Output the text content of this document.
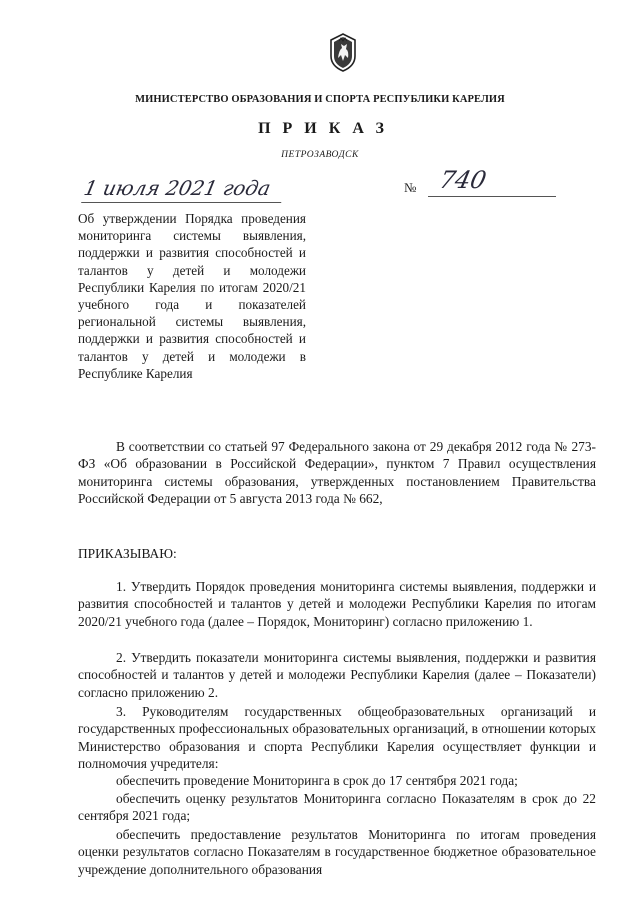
МИНИСТЕРСТВО ОБРАЗОВАНИЯ И СПОРТА РЕСПУБЛИКИ КАРЕЛИЯ
ПРИКАЗ
ПЕТРОЗАВОДСК
1 июля 2021 года	№ 740
Об утверждении Порядка проведения мониторинга системы выявления, поддержки и развития способностей и талантов у детей и молодежи Республики Карелия по итогам 2020/21 учебного года и показателей региональной системы выявления, поддержки и развития способностей и талантов у детей и молодежи в Республике Карелия
В соответствии со статьей 97 Федерального закона от 29 декабря 2012 года № 273-ФЗ «Об образовании в Российской Федерации», пунктом 7 Правил осуществления мониторинга системы образования, утвержденных постановлением Правительства Российской Федерации от 5 августа 2013 года № 662,
ПРИКАЗЫВАЮ:
1. Утвердить Порядок проведения мониторинга системы выявления, поддержки и развития способностей и талантов у детей и молодежи Республики Карелия по итогам 2020/21 учебного года (далее – Порядок, Мониторинг) согласно приложению 1.
2. Утвердить показатели мониторинга системы выявления, поддержки и развития способностей и талантов у детей и молодежи Республики Карелия (далее – Показатели) согласно приложению 2.
3. Руководителям государственных общеобразовательных организаций и государственных профессиональных образовательных организаций, в отношении которых Министерство образования и спорта Республики Карелия осуществляет функции и полномочия учредителя:
обеспечить проведение Мониторинга в срок до 17 сентября 2021 года;
обеспечить оценку результатов Мониторинга согласно Показателям в срок до 22 сентября 2021 года;
обеспечить предоставление результатов Мониторинга по итогам проведения оценки результатов согласно Показателям в государственное бюджетное образовательное учреждение дополнительного образования
